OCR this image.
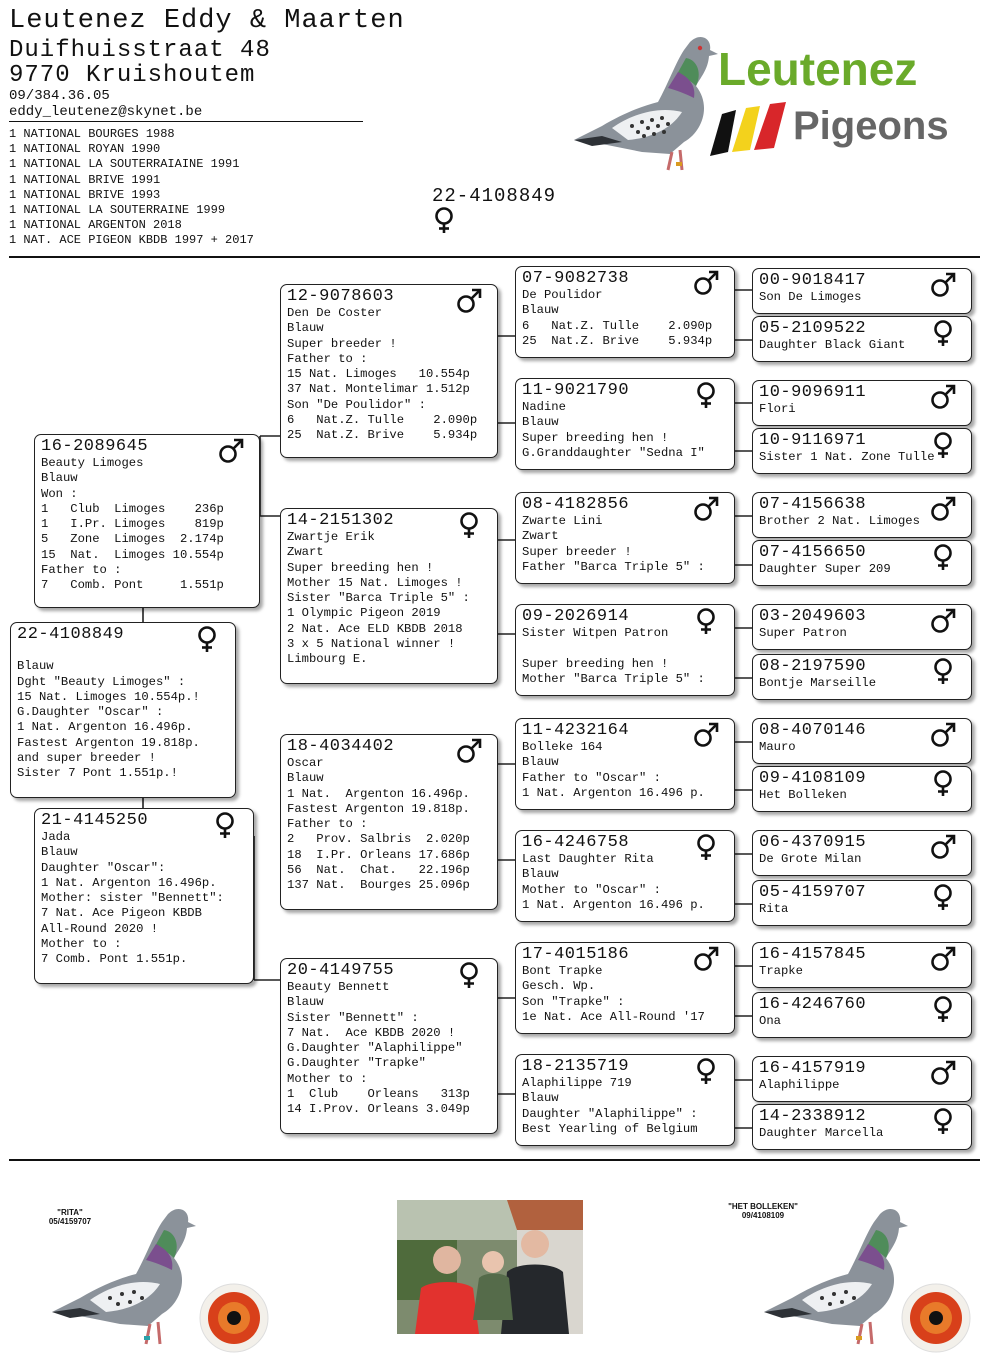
Leutenez Eddy & Maarten
Duifhuisstraat 48
9770 Kruishoutem
09/384.36.05
eddy_leutenez@skynet.be
1 NATIONAL BOURGES 1988
1 NATIONAL ROYAN 1990
1 NATIONAL LA SOUTERRAIAINE 1991
1 NATIONAL BRIVE 1991
1 NATIONAL BRIVE 1993
1 NATIONAL LA SOUTERRAINE 1999
1 NATIONAL ARGENTON 2018
1 NAT. ACE PIGEON KBDB 1997 + 2017
22-4108849
Leutenez
Pigeons
22-4108849

Blauw
Dght "Beauty Limoges" :
15 Nat. Limoges 10.554p.!
G.Daughter "Oscar" :
1 Nat. Argenton 16.496p.
Fastest Argenton 19.818p.
and super breeder !
Sister 7 Pont 1.551p.!
16-2089645
Beauty Limoges
Blauw
Won :
1   Club  Limoges    236p
1   I.Pr. Limoges    819p
5   Zone  Limoges  2.174p
15  Nat.  Limoges 10.554p
Father to :
7   Comb. Pont     1.551p
21-4145250
Jada
Blauw
Daughter "Oscar":
1 Nat. Argenton 16.496p.
Mother: sister "Bennett":
7 Nat. Ace Pigeon KBDB
All-Round 2020 !
Mother to :
7 Comb. Pont 1.551p.
12-9078603
Den De Coster
Blauw
Super breeder !
Father to :
15 Nat. Limoges   10.554p
37 Nat. Montelimar 1.512p
Son "De Poulidor" :
6   Nat.Z. Tulle    2.090p
25  Nat.Z. Brive    5.934p
14-2151302
Zwartje Erik
Zwart
Super breeding hen !
Mother 15 Nat. Limoges !
Sister "Barca Triple 5" :
1 Olympic Pigeon 2019
2 Nat. Ace ELD KBDB 2018
3 x 5 National winner !
Limbourg E.
18-4034402
Oscar
Blauw
1 Nat.  Argenton 16.496p.
Fastest Argenton 19.818p.
Father to :
2   Prov. Salbris  2.020p
18  I.Pr. Orleans 17.686p
56  Nat.  Chat.   22.196p
137 Nat.  Bourges 25.096p
20-4149755
Beauty Bennett
Blauw
Sister "Bennett" :
7 Nat.  Ace KBDB 2020 !
G.Daughter "Alaphilippe"
G.Daughter "Trapke"
Mother to :
1  Club    Orleans   313p
14 I.Prov. Orleans 3.049p
07-9082738
De Poulidor
Blauw
6   Nat.Z. Tulle    2.090p
25  Nat.Z. Brive    5.934p
11-9021790
Nadine
Blauw
Super breeding hen !
G.Granddaughter "Sedna I"
08-4182856
Zwarte Lini
Zwart
Super breeder !
Father "Barca Triple 5" :
09-2026914
Sister Witpen Patron

Super breeding hen !
Mother "Barca Triple 5" :
11-4232164
Bolleke 164
Blauw
Father to "Oscar" :
1 Nat. Argenton 16.496 p.
16-4246758
Last Daughter Rita
Blauw
Mother to "Oscar" :
1 Nat. Argenton 16.496 p.
17-4015186
Bont Trapke
Gesch. Wp.
Son "Trapke" :
1e Nat. Ace All-Round '17
18-2135719
Alaphilippe 719
Blauw
Daughter "Alaphilippe" :
Best Yearling of Belgium
00-9018417
Son De Limoges
05-2109522
Daughter Black Giant
10-9096911
Flori
10-9116971
Sister 1 Nat. Zone Tulle
07-4156638
Brother 2 Nat. Limoges
07-4156650
Daughter Super 209
03-2049603
Super Patron
08-2197590
Bontje Marseille
08-4070146
Mauro
09-4108109
Het Bolleken
06-4370915
De Grote Milan
05-4159707
Rita
16-4157845
Trapke
16-4246760
Ona
16-4157919
Alaphilippe
14-2338912
Daughter Marcella
"RITA"
05/4159707
"HET BOLLEKEN"
09/4108109
